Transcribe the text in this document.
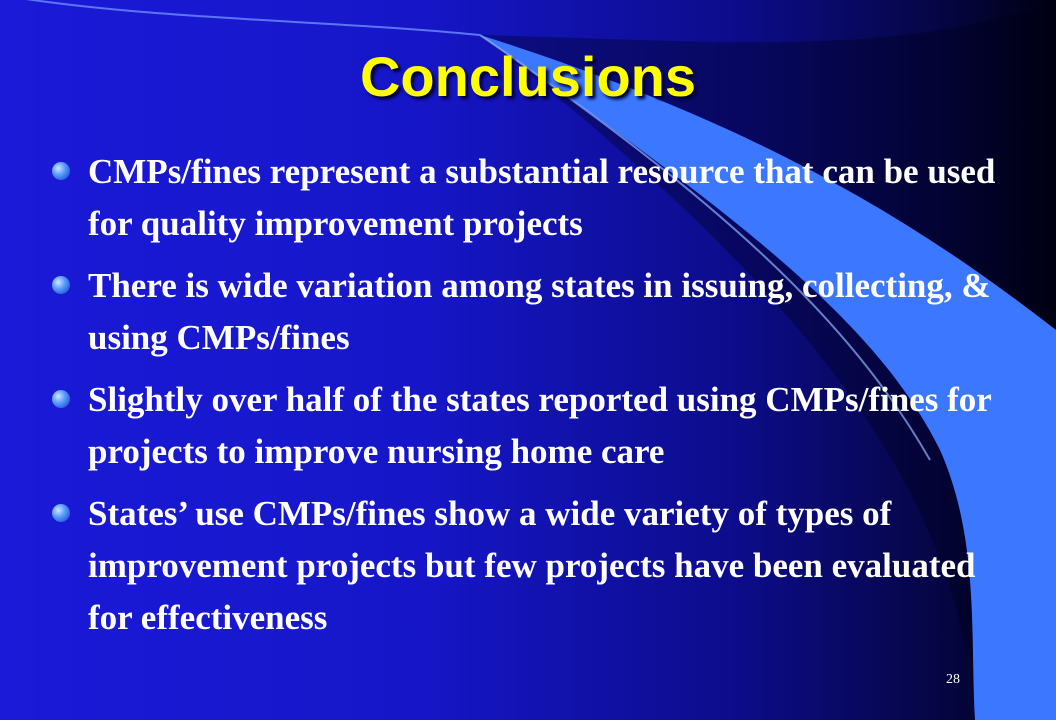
Conclusions
CMPs/fines represent a substantial resource that can be used for quality improvement projects
There is wide variation among states in issuing, collecting, & using CMPs/fines
Slightly over half of the states reported using CMPs/fines for projects to improve nursing home care
States’ use CMPs/fines show a wide variety of types of improvement projects but few projects have been evaluated for effectiveness
28
